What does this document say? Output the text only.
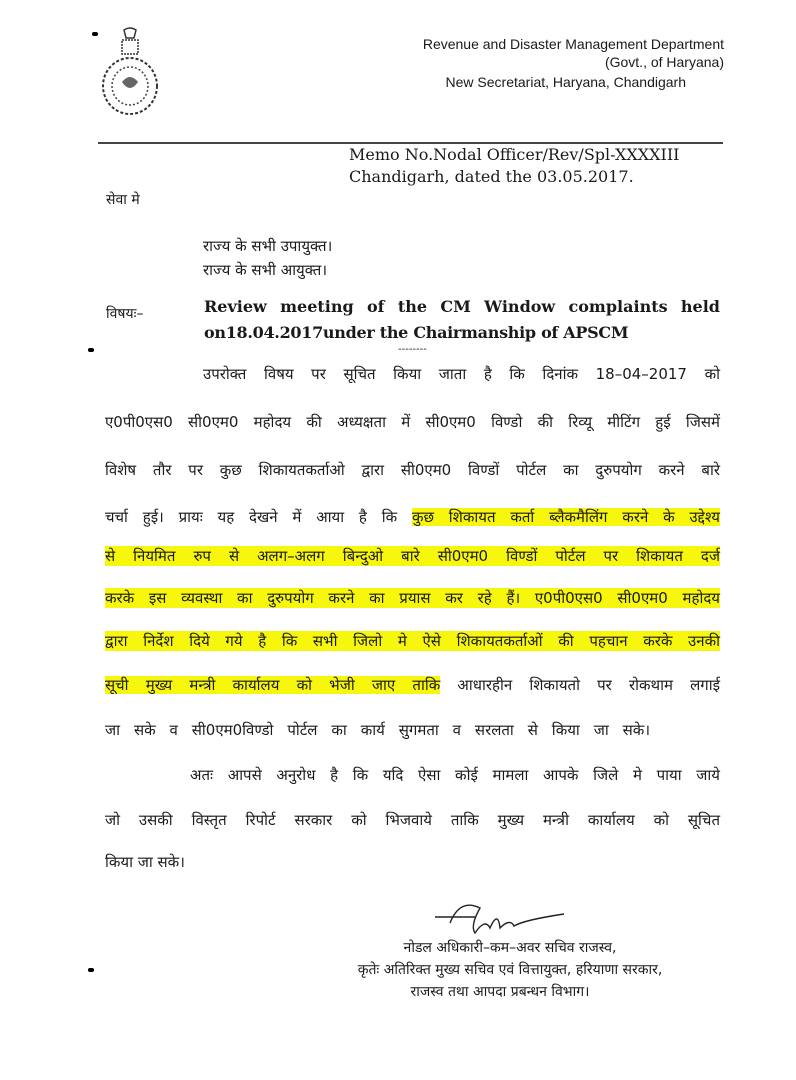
Revenue and Disaster Management Department
(Govt., of Haryana)
New Secretariat, Haryana, Chandigarh
Memo No.Nodal Officer/Rev/Spl-XXXXIII
Chandigarh, dated the 03.05.2017.
सेवा मे
राज्य के सभी उपायुक्त।
राज्य के सभी आयुक्त।
विषयः–	Review meeting of the CM Window complaints held
on18.04.2017under the Chairmanship of APSCM
--------
उपरोक्त विषय पर सूचित किया जाता है कि दिनांक 18–04–2017 को
ए0पी0एस0 सी0एम0 महोदय की अध्यक्षता में सी0एम0 विण्डो की रिव्यू मीटिंग हुई जिसमें
विशेष तौर पर कुछ शिकायतकर्ताओ द्वारा सी0एम0 विण्डों पोर्टल का दुरुपयोग करने बारे
चर्चा हुई। प्रायः यह देखने में आया है कि कुछ शिकायत कर्ता ब्लैकमैलिंग करने के उद्देश्य
से नियमित रुप से अलग–अलग बिन्दुओ बारे सी0एम0 विण्डों पोर्टल पर शिकायत दर्ज
करके इस व्यवस्था का दुरुपयोग करने का प्रयास कर रहे हैं। ए0पी0एस0 सी0एम0 महोदय
द्वारा निर्देश दिये गये है कि सभी जिलो मे ऐसे शिकायतकर्ताओं की पहचान करके उनकी
सूची मुख्य मन्त्री कार्यालय को भेजी जाए ताकि आधारहीन शिकायतो पर रोकथाम लगाई
जा सके व सी0एम0विण्डो पोर्टल का कार्य सुगमता व सरलता से किया जा सके।
अतः आपसे अनुरोध है कि यदि ऐसा कोई मामला आपके जिले मे पाया जाये
जो उसकी विस्तृत रिपोर्ट सरकार को भिजवाये ताकि मुख्य मन्त्री कार्यालय को सूचित
किया जा सके।
नोडल अधिकारी–कम–अवर सचिव राजस्व,
कृतेः अतिरिक्त मुख्य सचिव एवं वित्तायुक्त, हरियाणा सरकार,
राजस्व तथा आपदा प्रबन्धन विभाग।
